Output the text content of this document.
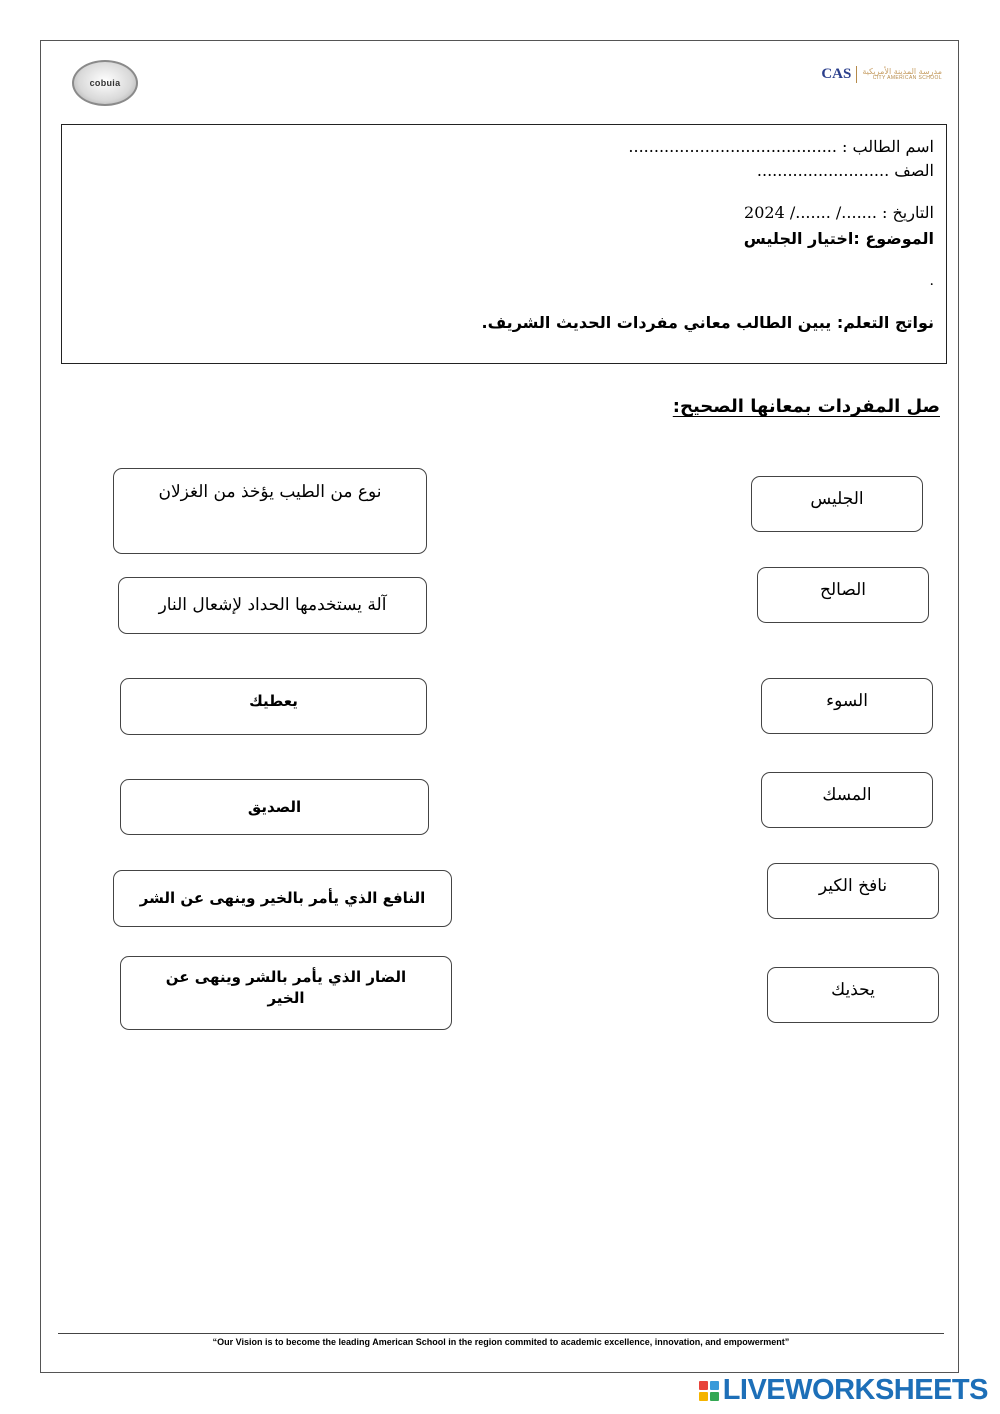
cobuia
CAS مدرسة المدينة الأمريكية
CITY AMERICAN SCHOOL
اسم الطالب : .........................................
الصف ..........................
التاريخ : ......./ ......./ 2024
الموضوع :اختيار الجليس
.
نواتج التعلم: يبين الطالب معاني مفردات الحديث الشريف.
صل المفردات بمعانها الصحيح:
الجليس
الصالح
السوء
المسك
نافخ الكير
يحذيك
نوع من الطيب يؤخذ من الغزلان
آلة يستخدمها الحداد لإشعال النار
يعطيك
الصديق
النافع الذي يأمر بالخير وينهى عن الشر
الضار الذي يأمر بالشر وينهى عن الخير
“Our Vision is to become the leading American School in the region commited to academic excellence, innovation, and empowerment”
LIVEWORKSHEETS
